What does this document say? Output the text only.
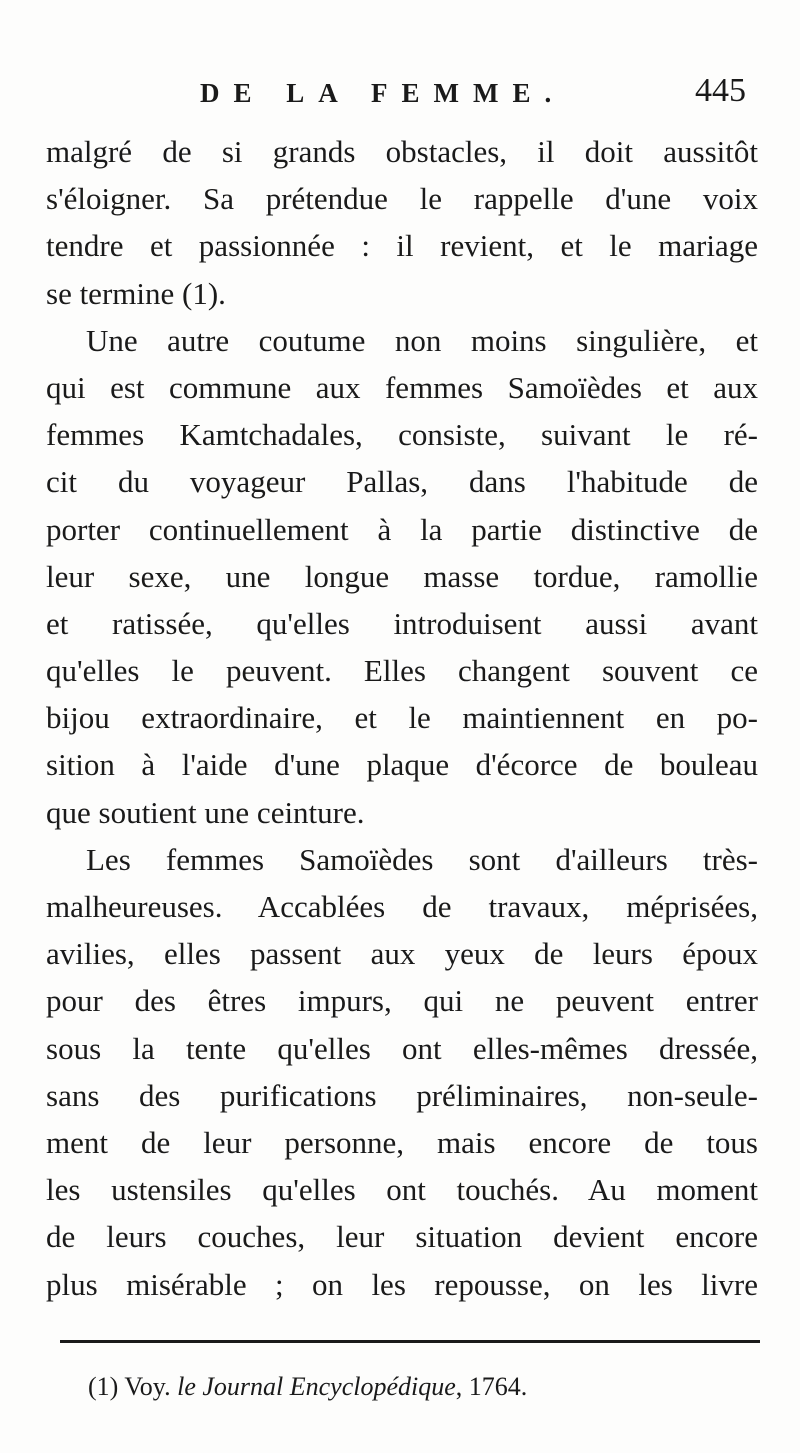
DE LA FEMME.	445
malgré de si grands obstacles, il doit aussitôt
s'éloigner. Sa prétendue le rappelle d'une voix
tendre et passionnée : il revient, et le mariage
se termine (1).
Une autre coutume non moins singulière, et
qui est commune aux femmes Samoïèdes et aux
femmes Kamtchadales, consiste, suivant le ré-
cit du voyageur Pallas, dans l'habitude de
porter continuellement à la partie distinctive de
leur sexe, une longue masse tordue, ramollie
et ratissée, qu'elles introduisent aussi avant
qu'elles le peuvent. Elles changent souvent ce
bijou extraordinaire, et le maintiennent en po-
sition à l'aide d'une plaque d'écorce de bouleau
que soutient une ceinture.
Les femmes Samoïèdes sont d'ailleurs très-
malheureuses. Accablées de travaux, méprisées,
avilies, elles passent aux yeux de leurs époux
pour des êtres impurs, qui ne peuvent entrer
sous la tente qu'elles ont elles-mêmes dressée,
sans des purifications préliminaires, non-seule-
ment de leur personne, mais encore de tous
les ustensiles qu'elles ont touchés. Au moment
de leurs couches, leur situation devient encore
plus misérable ; on les repousse, on les livre
(1) Voy. le Journal Encyclopédique, 1764.
